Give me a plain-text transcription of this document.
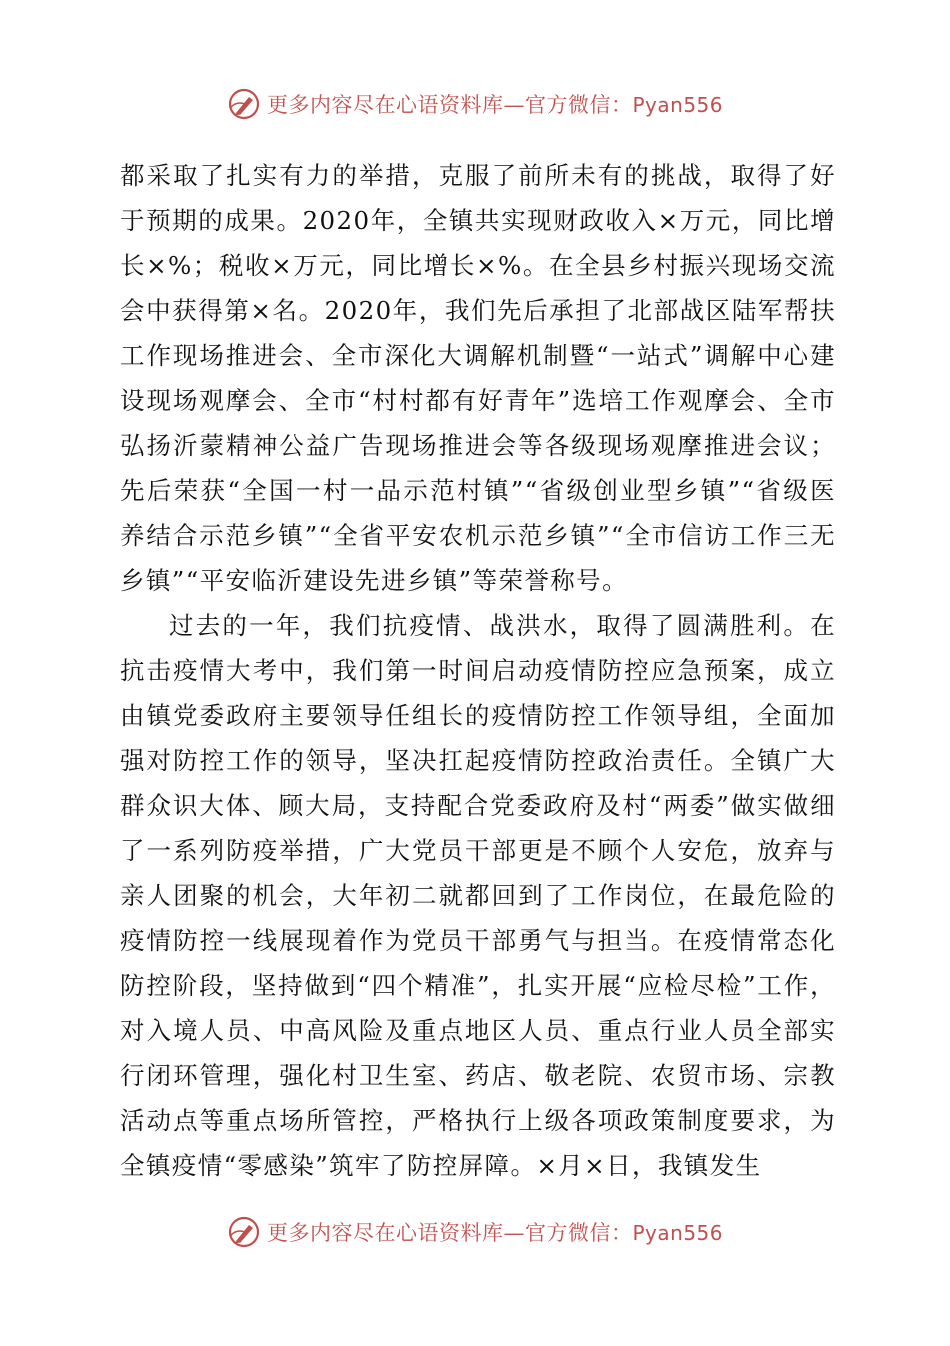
更多内容尽在心语资料库—官方微信：Pyan556

都采取了扎实有力的举措，克服了前所未有的挑战，取得了好于预期的成果。2020年，全镇共实现财政收入×万元，同比增长×%；税收×万元，同比增长×%。在全县乡村振兴现场交流会中获得第×名。2020年，我们先后承担了北部战区陆军帮扶工作现场推进会、全市深化大调解机制暨“一站式”调解中心建设现场观摩会、全市“村村都有好青年”选培工作观摩会、全市弘扬沂蒙精神公益广告现场推进会等各级现场观摩推进会议；先后荣获“全国一村一品示范村镇”“省级创业型乡镇”“省级医养结合示范乡镇”“全省平安农机示范乡镇”“全市信访工作三无乡镇”“平安临沂建设先进乡镇”等荣誉称号。

过去的一年，我们抗疫情、战洪水，取得了圆满胜利。在抗击疫情大考中，我们第一时间启动疫情防控应急预案，成立由镇党委政府主要领导任组长的疫情防控工作领导组，全面加强对防控工作的领导，坚决扛起疫情防控政治责任。全镇广大群众识大体、顾大局，支持配合党委政府及村“两委”做实做细了一系列防疫举措，广大党员干部更是不顾个人安危，放弃与亲人团聚的机会，大年初二就都回到了工作岗位，在最危险的疫情防控一线展现着作为党员干部勇气与担当。在疫情常态化防控阶段，坚持做到“四个精准”，扎实开展“应检尽检”工作，对入境人员、中高风险及重点地区人员、重点行业人员全部实行闭环管理，强化村卫生室、药店、敬老院、农贸市场、宗教活动点等重点场所管控，严格执行上级各项政策制度要求，为全镇疫情“零感染”筑牢了防控屏障。×月×日，我镇发生

更多内容尽在心语资料库—官方微信：Pyan556
